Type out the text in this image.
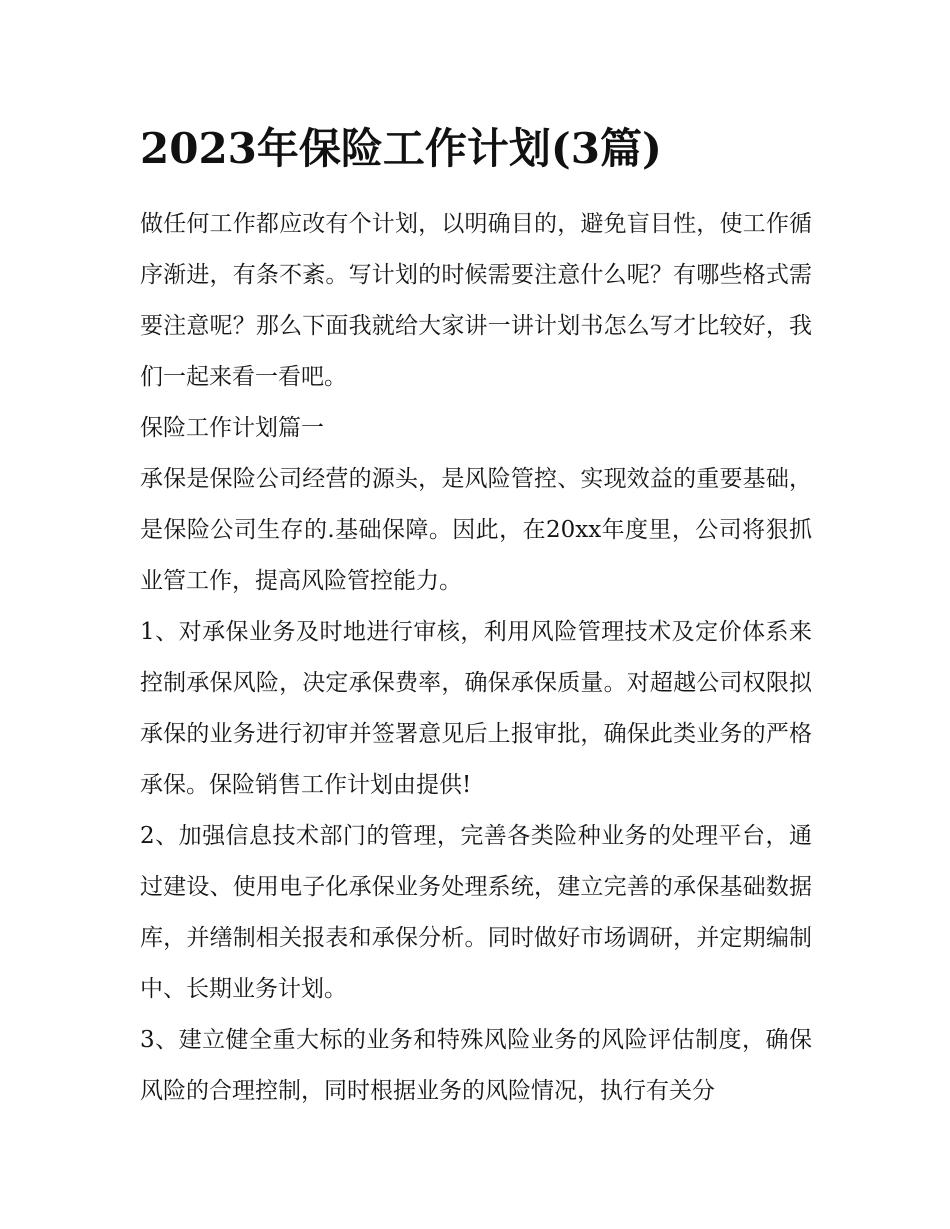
2023年保险工作计划(3篇)

做任何工作都应改有个计划，以明确目的，避免盲目性，使工作循序渐进，有条不紊。写计划的时候需要注意什么呢？有哪些格式需要注意呢？那么下面我就给大家讲一讲计划书怎么写才比较好，我们一起来看一看吧。

保险工作计划篇一

承保是保险公司经营的源头，是风险管控、实现效益的重要基础，是保险公司生存的.基础保障。因此，在20xx年度里，公司将狠抓业管工作，提高风险管控能力。

1、对承保业务及时地进行审核，利用风险管理技术及定价体系来控制承保风险，决定承保费率，确保承保质量。对超越公司权限拟承保的业务进行初审并签署意见后上报审批，确保此类业务的严格承保。保险销售工作计划由提供!

2、加强信息技术部门的管理，完善各类险种业务的处理平台，通过建设、使用电子化承保业务处理系统，建立完善的承保基础数据库，并缮制相关报表和承保分析。同时做好市场调研，并定期编制中、长期业务计划。

3、建立健全重大标的业务和特殊风险业务的风险评估制度，确保风险的合理控制，同时根据业务的风险情况，执行有关分
